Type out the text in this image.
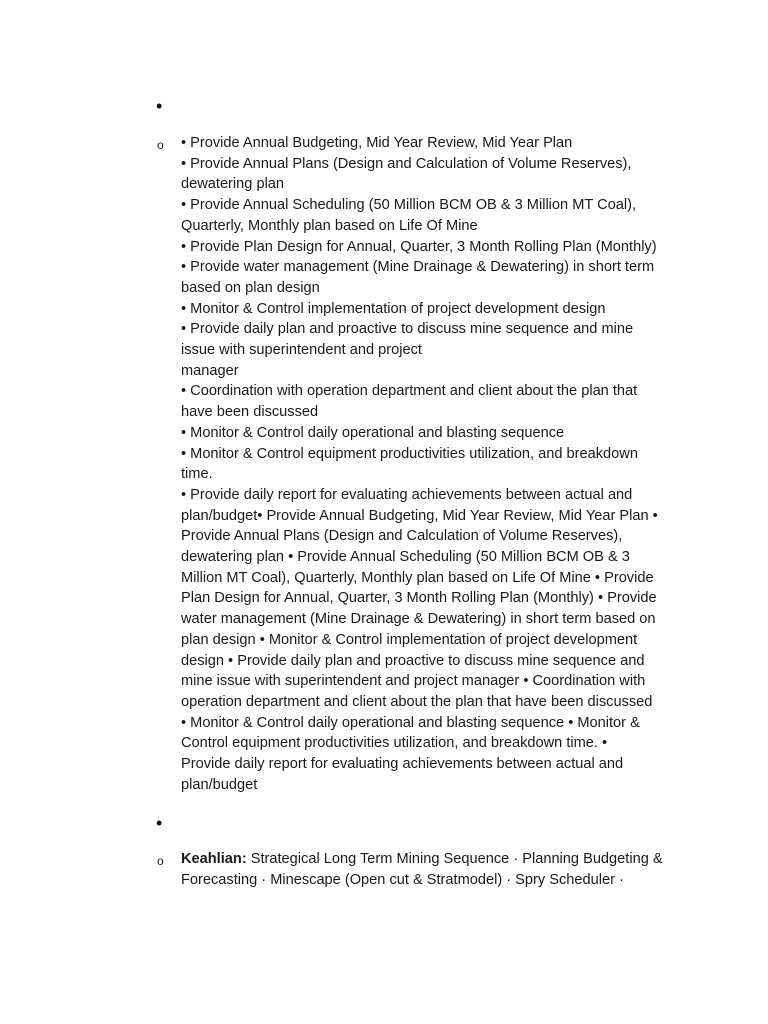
•
o • Provide Annual Budgeting, Mid Year Review, Mid Year Plan
• Provide Annual Plans (Design and Calculation of Volume Reserves),
dewatering plan
• Provide Annual Scheduling (50 Million BCM OB & 3 Million MT Coal),
Quarterly, Monthly plan based on Life Of Mine
• Provide Plan Design for Annual, Quarter, 3 Month Rolling Plan (Monthly)
• Provide water management (Mine Drainage & Dewatering) in short term
based on plan design
• Monitor & Control implementation of project development design
• Provide daily plan and proactive to discuss mine sequence and mine
issue with superintendent and project
manager
• Coordination with operation department and client about the plan that
have been discussed
• Monitor & Control daily operational and blasting sequence
• Monitor & Control equipment productivities utilization, and breakdown
time.
• Provide daily report for evaluating achievements between actual and
plan/budget• Provide Annual Budgeting, Mid Year Review, Mid Year Plan •
Provide Annual Plans (Design and Calculation of Volume Reserves),
dewatering plan • Provide Annual Scheduling (50 Million BCM OB & 3
Million MT Coal), Quarterly, Monthly plan based on Life Of Mine • Provide
Plan Design for Annual, Quarter, 3 Month Rolling Plan (Monthly) • Provide
water management (Mine Drainage & Dewatering) in short term based on
plan design • Monitor & Control implementation of project development
design • Provide daily plan and proactive to discuss mine sequence and
mine issue with superintendent and project manager • Coordination with
operation department and client about the plan that have been discussed
• Monitor & Control daily operational and blasting sequence • Monitor &
Control equipment productivities utilization, and breakdown time. •
Provide daily report for evaluating achievements between actual and
plan/budget
•
o Keahlian: Strategical Long Term Mining Sequence · Planning Budgeting &
Forecasting · Minescape (Open cut & Stratmodel) · Spry Scheduler ·
